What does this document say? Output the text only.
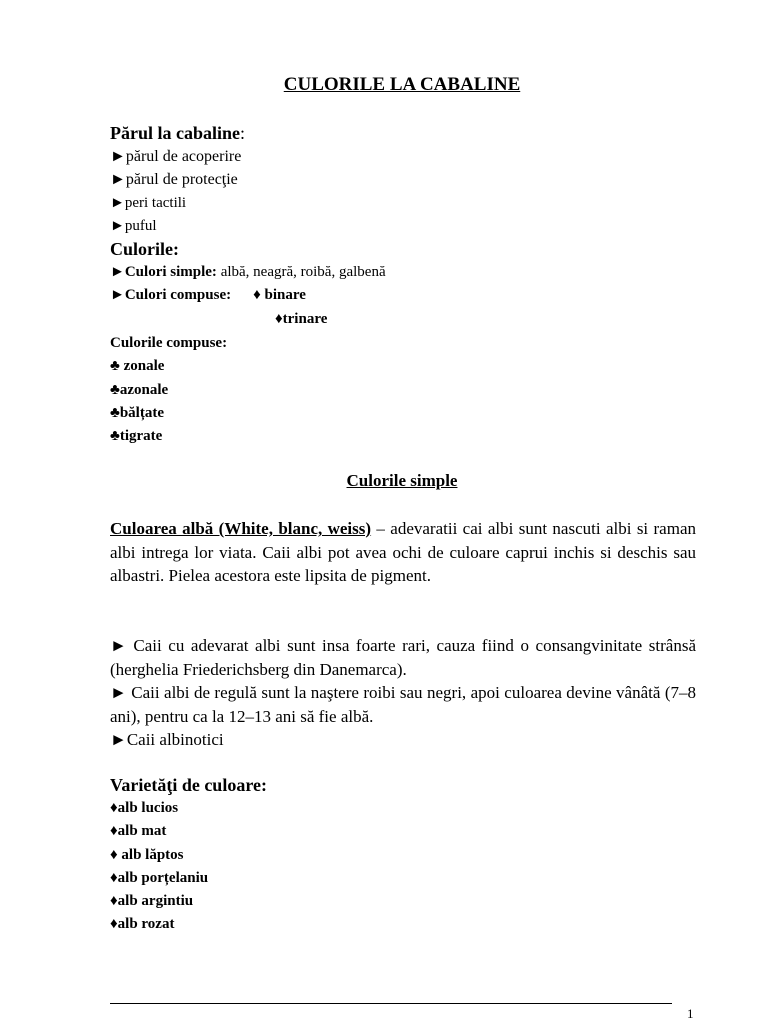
CULORILE LA CABALINE
Părul la cabaline:
►părul de acoperire
►părul de protecţie
►peri tactili
►puful
Culorile:
►Culori simple: albă, neagră, roibă, galbenă
►Culori compuse: ♦ binare
♦trinare
Culorile compuse:
♣ zonale
♣azonale
♣bălțate
♣tigrate
Culorile simple
Culoarea albă (White, blanc, weiss) – adevaratii cai albi sunt nascuti albi si raman albi intrega lor viata. Caii albi pot avea ochi de culoare caprui inchis si deschis sau albastri. Pielea acestora este lipsita de pigment.
► Caii cu adevarat albi sunt insa foarte rari, cauza fiind o consangvinitate strânsă (herghelia Friederichsberg din Danemarca).
► Caii albi de regulă sunt la naştere roibi sau negri, apoi culoarea devine vânâtă (7–8 ani), pentru ca la 12–13 ani să fie albă.
►Caii albinotici
Varietăţi de culoare:
♦alb lucios
♦alb mat
♦ alb lăptos
♦alb porțelaniu
♦alb argintiu
♦alb rozat
1
